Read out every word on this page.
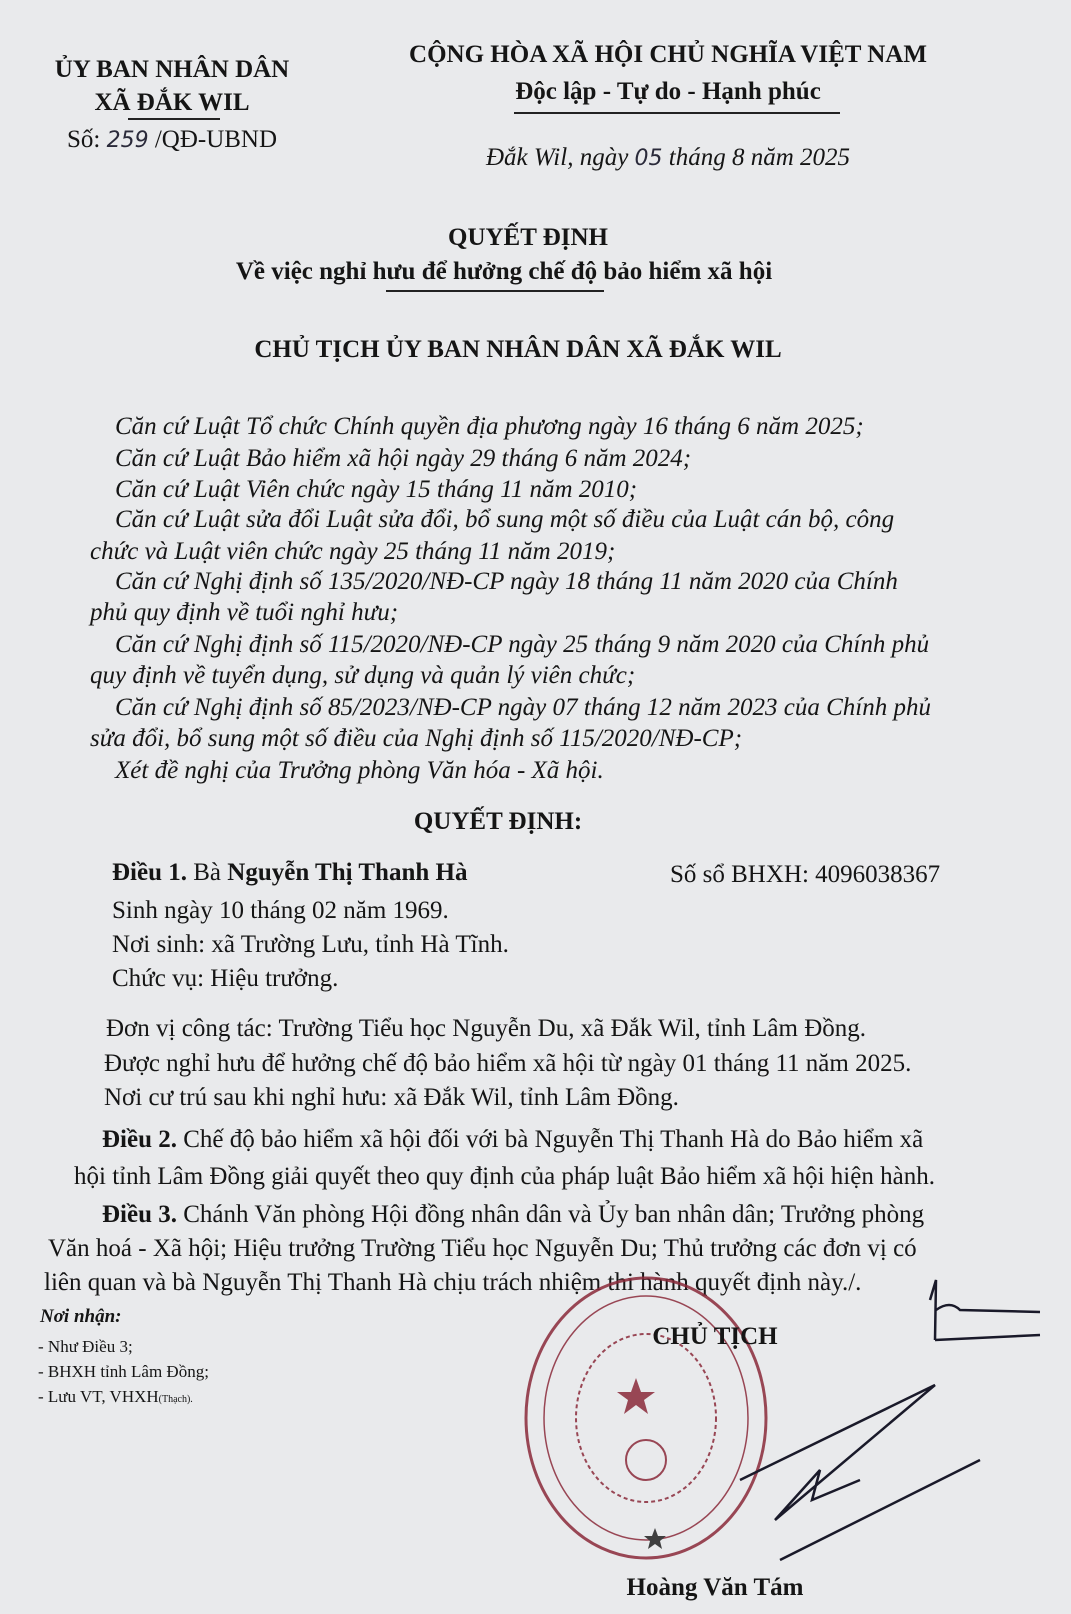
ỦY BAN NHÂN DÂN
XÃ ĐẮK WIL
Số: 259 /QĐ-UBND
CỘNG HÒA XÃ HỘI CHỦ NGHĨA VIỆT NAM
Độc lập - Tự do - Hạnh phúc
Đắk Wil, ngày 05 tháng 8 năm 2025
QUYẾT ĐỊNH
Về việc nghỉ hưu để hưởng chế độ bảo hiểm xã hội
CHỦ TỊCH ỦY BAN NHÂN DÂN XÃ ĐẮK WIL
Căn cứ Luật Tổ chức Chính quyền địa phương ngày 16 tháng 6 năm 2025;
Căn cứ Luật Bảo hiểm xã hội ngày 29 tháng 6 năm 2024;
Căn cứ Luật Viên chức ngày 15 tháng 11 năm 2010;
Căn cứ Luật sửa đổi Luật sửa đổi, bổ sung một số điều của Luật cán bộ, công
chức và Luật viên chức ngày 25 tháng 11 năm 2019;
Căn cứ Nghị định số 135/2020/NĐ-CP ngày 18 tháng 11 năm 2020 của Chính
phủ quy định về tuổi nghỉ hưu;
Căn cứ Nghị định số 115/2020/NĐ-CP ngày 25 tháng 9 năm 2020 của Chính phủ
quy định về tuyển dụng, sử dụng và quản lý viên chức;
Căn cứ Nghị định số 85/2023/NĐ-CP ngày 07 tháng 12 năm 2023 của Chính phủ
sửa đổi, bổ sung một số điều của Nghị định số 115/2020/NĐ-CP;
Xét đề nghị của Trưởng phòng Văn hóa - Xã hội.
QUYẾT ĐỊNH:
Điều 1. Bà Nguyễn Thị Thanh Hà	Số sổ BHXH: 4096038367
Sinh ngày 10 tháng 02 năm 1969.
Nơi sinh: xã Trường Lưu, tỉnh Hà Tĩnh.
Chức vụ: Hiệu trưởng.
Đơn vị công tác: Trường Tiểu học Nguyễn Du, xã Đắk Wil, tỉnh Lâm Đồng.
Được nghỉ hưu để hưởng chế độ bảo hiểm xã hội từ ngày 01 tháng 11 năm 2025.
Nơi cư trú sau khi nghỉ hưu: xã Đắk Wil, tỉnh Lâm Đồng.
Điều 2. Chế độ bảo hiểm xã hội đối với bà Nguyễn Thị Thanh Hà do Bảo hiểm xã
hội tỉnh Lâm Đồng giải quyết theo quy định của pháp luật Bảo hiểm xã hội hiện hành.
Điều 3. Chánh Văn phòng Hội đồng nhân dân và Ủy ban nhân dân; Trưởng phòng
Văn hoá - Xã hội; Hiệu trưởng Trường Tiểu học Nguyễn Du; Thủ trưởng các đơn vị có
liên quan và bà Nguyễn Thị Thanh Hà chịu trách nhiệm thi hành quyết định này./.
Nơi nhận:
- Như Điều 3;
- BHXH tỉnh Lâm Đồng;
- Lưu VT, VHXH(Thạch).
CHỦ TỊCH
Hoàng Văn Tám
